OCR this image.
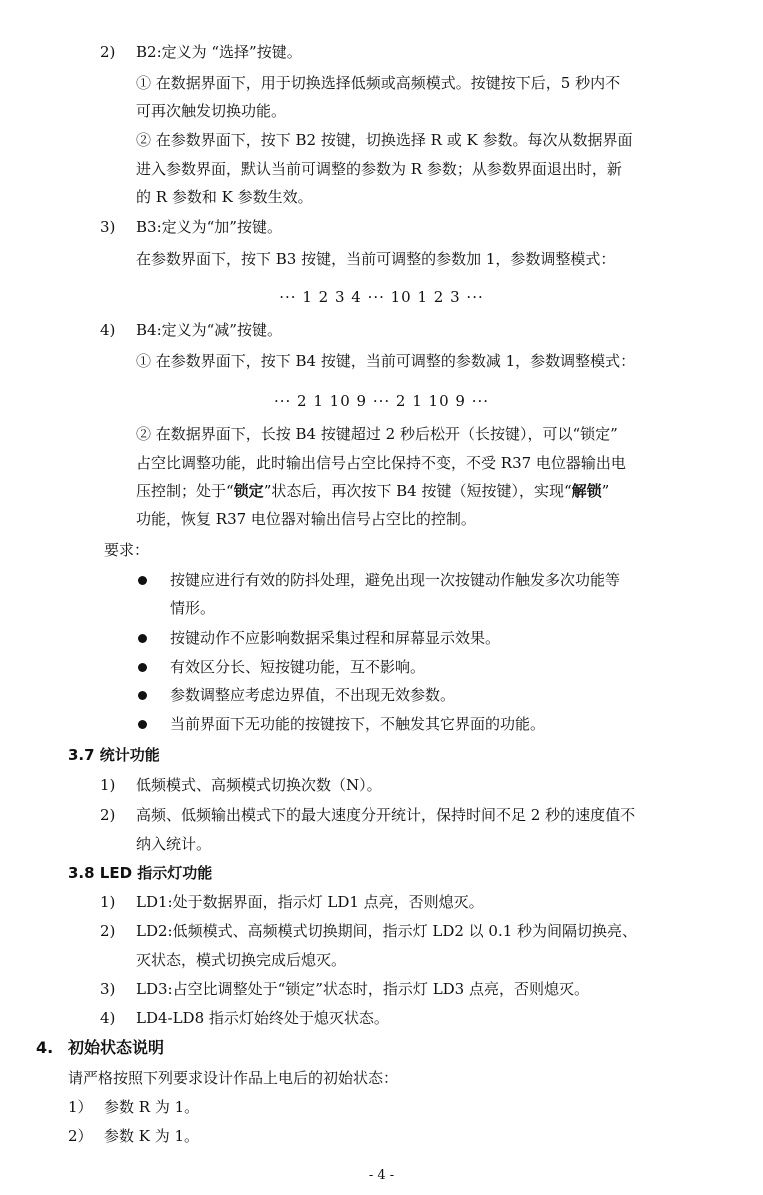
2) B2:定义为 “选择”按键。
① 在数据界面下，用于切换选择低频或高频模式。按键按下后，5 秒内不
可再次触发切换功能。
② 在参数界面下，按下 B2 按键，切换选择 R 或 K 参数。每次从数据界面
进入参数界面，默认当前可调整的参数为 R 参数；从参数界面退出时，新
的 R 参数和 K 参数生效。
3) B3:定义为“加”按键。
在参数界面下，按下 B3 按键，当前可调整的参数加 1，参数调整模式：
··· 1 2 3 4 ··· 10 1 2 3 ···
4) B4:定义为“减”按键。
① 在参数界面下，按下 B4 按键，当前可调整的参数减 1，参数调整模式：
··· 2 1 10 9 ··· 2 1 10 9 ···
② 在数据界面下，长按 B4 按键超过 2 秒后松开（长按键），可以“锁定”
占空比调整功能，此时输出信号占空比保持不变，不受 R37 电位器输出电
压控制；处于“锁定”状态后，再次按下 B4 按键（短按键），实现“解锁”
功能，恢复 R37 电位器对输出信号占空比的控制。
要求：
按键应进行有效的防抖处理，避免出现一次按键动作触发多次功能等
情形。
按键动作不应影响数据采集过程和屏幕显示效果。
有效区分长、短按键功能，互不影响。
参数调整应考虑边界值，不出现无效参数。
当前界面下无功能的按键按下，不触发其它界面的功能。
3.7 统计功能
1) 低频模式、高频模式切换次数（N）。
2) 高频、低频输出模式下的最大速度分开统计，保持时间不足 2 秒的速度值不
纳入统计。
3.8 LED 指示灯功能
1) LD1:处于数据界面，指示灯 LD1 点亮，否则熄灭。
2) LD2:低频模式、高频模式切换期间，指示灯 LD2 以 0.1 秒为间隔切换亮、
灭状态，模式切换完成后熄灭。
3) LD3:占空比调整处于“锁定”状态时，指示灯 LD3 点亮，否则熄灭。
4) LD4-LD8 指示灯始终处于熄灭状态。
4. 初始状态说明
请严格按照下列要求设计作品上电后的初始状态：
1） 参数 R 为 1。
2） 参数 K 为 1。
- 4 -
